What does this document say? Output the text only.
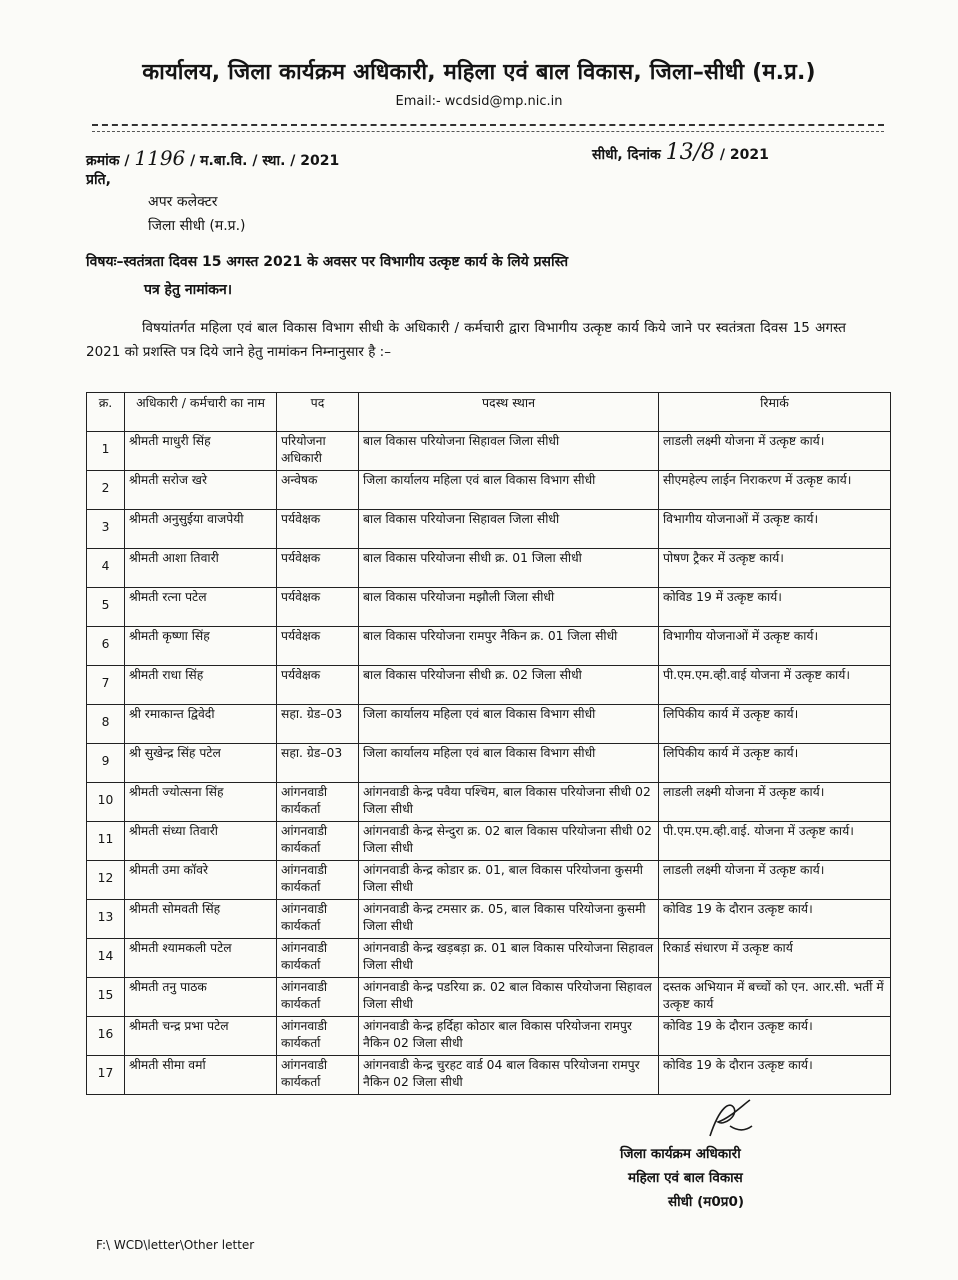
कार्यालय, जिला कार्यक्रम अधिकारी, महिला एवं बाल विकास, जिला–सीधी (म.प्र.)
Email:- wcdsid@mp.nic.in
क्रमांक / 1196 / म.बा.वि. / स्था. / 2021	सीधी, दिनांक 13/8 / 2021
प्रति,
अपर कलेक्टर
जिला सीधी (म.प्र.)
विषयः–स्वतंत्रता दिवस 15 अगस्त 2021 के अवसर पर विभागीय उत्कृष्ट कार्य के लिये प्रसस्ति
पत्र हेतु नामांकन।
विषयांतर्गत महिला एवं बाल विकास विभाग सीधी के अधिकारी / कर्मचारी द्वारा विभागीय उत्कृष्ट कार्य किये जाने पर स्वतंत्रता दिवस 15 अगस्त 2021 को प्रशस्ति पत्र दिये जाने हेतु नामांकन निम्नानुसार है :–
क्र.	अधिकारी / कर्मचारी का नाम	पद	पदस्थ स्थान	रिमार्क
1	श्रीमती माधुरी सिंह	परियोजना अधिकारी	बाल विकास परियोजना सिहावल जिला सीधी	लाडली लक्ष्मी योजना में उत्कृष्ट कार्य।
2	श्रीमती सरोज खरे	अन्वेषक	जिला कार्यालय महिला एवं बाल विकास विभाग सीधी	सीएमहेल्प लाईन निराकरण में उत्कृष्ट कार्य।
3	श्रीमती अनुसुईया वाजपेयी	पर्यवेक्षक	बाल विकास परियोजना सिहावल जिला सीधी	विभागीय योजनाओं में उत्कृष्ट कार्य।
4	श्रीमती आशा तिवारी	पर्यवेक्षक	बाल विकास परियोजना सीधी क्र. 01 जिला सीधी	पोषण ट्रैकर में उत्कृष्ट कार्य।
5	श्रीमती रत्ना पटेल	पर्यवेक्षक	बाल विकास परियोजना मझौली जिला सीधी	कोविड 19 में उत्कृष्ट कार्य।
6	श्रीमती कृष्णा सिंह	पर्यवेक्षक	बाल विकास परियोजना रामपुर नैकिन क्र. 01 जिला सीधी	विभागीय योजनाओं में उत्कृष्ट कार्य।
7	श्रीमती राधा सिंह	पर्यवेक्षक	बाल विकास परियोजना सीधी क्र. 02 जिला सीधी	पी.एम.एम.व्ही.वाई योजना में उत्कृष्ट कार्य।
8	श्री रमाकान्त द्विवेदी	सहा. ग्रेड–03	जिला कार्यालय महिला एवं बाल विकास विभाग सीधी	लिपिकीय कार्य में उत्कृष्ट कार्य।
9	श्री सुखेन्द्र सिंह पटेल	सहा. ग्रेड–03	जिला कार्यालय महिला एवं बाल विकास विभाग सीधी	लिपिकीय कार्य में उत्कृष्ट कार्य।
10	श्रीमती ज्योत्सना सिंह	आंगनवाडी कार्यकर्ता	आंगनवाडी केन्द्र पवैया पश्चिम, बाल विकास परियोजना सीधी 02 जिला सीधी	लाडली लक्ष्मी योजना में उत्कृष्ट कार्य।
11	श्रीमती संध्या तिवारी	आंगनवाडी कार्यकर्ता	आंगनवाडी केन्द्र सेन्दुरा क्र. 02 बाल विकास परियोजना सीधी 02 जिला सीधी	पी.एम.एम.व्ही.वाई. योजना में उत्कृष्ट कार्य।
12	श्रीमती उमा कॉवरे	आंगनवाडी कार्यकर्ता	आंगनवाडी केन्द्र कोडार क्र. 01, बाल विकास परियोजना कुसमी जिला सीधी	लाडली लक्ष्मी योजना में उत्कृष्ट कार्य।
13	श्रीमती सोमवती सिंह	आंगनवाडी कार्यकर्ता	आंगनवाडी केन्द्र टमसार क्र. 05, बाल विकास परियोजना कुसमी जिला सीधी	कोविड 19 के दौरान उत्कृष्ट कार्य।
14	श्रीमती श्यामकली पटेल	आंगनवाडी कार्यकर्ता	आंगनवाडी केन्द्र खड़बड़ा क्र. 01 बाल विकास परियोजना सिहावल जिला सीधी	रिकार्ड संधारण में उत्कृष्ट कार्य
15	श्रीमती तनु पाठक	आंगनवाडी कार्यकर्ता	आंगनवाडी केन्द्र पडरिया क्र. 02 बाल विकास परियोजना सिहावल जिला सीधी	दस्तक अभियान में बच्चों को एन. आर.सी. भर्ती में उत्कृष्ट कार्य
16	श्रीमती चन्द्र प्रभा पटेल	आंगनवाडी कार्यकर्ता	आंगनवाडी केन्द्र हर्दिहा कोठार बाल विकास परियोजना रामपुर नैकिन 02 जिला सीधी	कोविड 19 के दौरान उत्कृष्ट कार्य।
17	श्रीमती सीमा वर्मा	आंगनवाडी कार्यकर्ता	आंगनवाडी केन्द्र चुरहट वार्ड 04 बाल विकास परियोजना रामपुर नैकिन 02 जिला सीधी	कोविड 19 के दौरान उत्कृष्ट कार्य।
जिला कार्यक्रम अधिकारी
महिला एवं बाल विकास
सीधी (म0प्र0)
F:\ WCD\letter\Other letter
